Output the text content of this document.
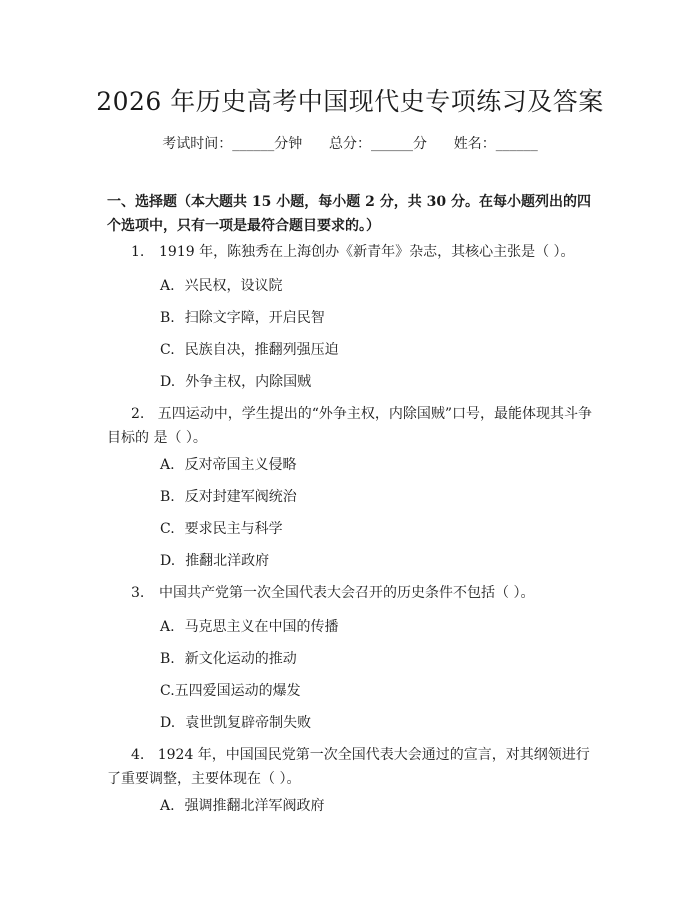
2026 年历史高考中国现代史专项练习及答案
考试时间：______分钟      总分：______分      姓名：______
一、选择题（本大题共 15 小题，每小题 2 分，共 30 分。在每小题列出的四个选项中，只有一项是最符合题目要求的。）
1. 1919 年，陈独秀在上海创办《新青年》杂志，其核心主张是（ ）。
A. 兴民权，设议院
B. 扫除文字障，开启民智
C. 民族自决，推翻列强压迫
D. 外争主权，内除国贼
2. 五四运动中，学生提出的“外争主权，内除国贼”口号，最能体现其斗争目标的 是（ ）。
A. 反对帝国主义侵略
B. 反对封建军阀统治
C. 要求民主与科学
D. 推翻北洋政府
3. 中国共产党第一次全国代表大会召开的历史条件不包括（ ）。
A. 马克思主义在中国的传播
B. 新文化运动的推动
C.五四爱国运动的爆发
D. 袁世凯复辟帝制失败
4. 1924 年，中国国民党第一次全国代表大会通过的宣言，对其纲领进行了重要调整，主要体现在（ ）。
A. 强调推翻北洋军阀政府
